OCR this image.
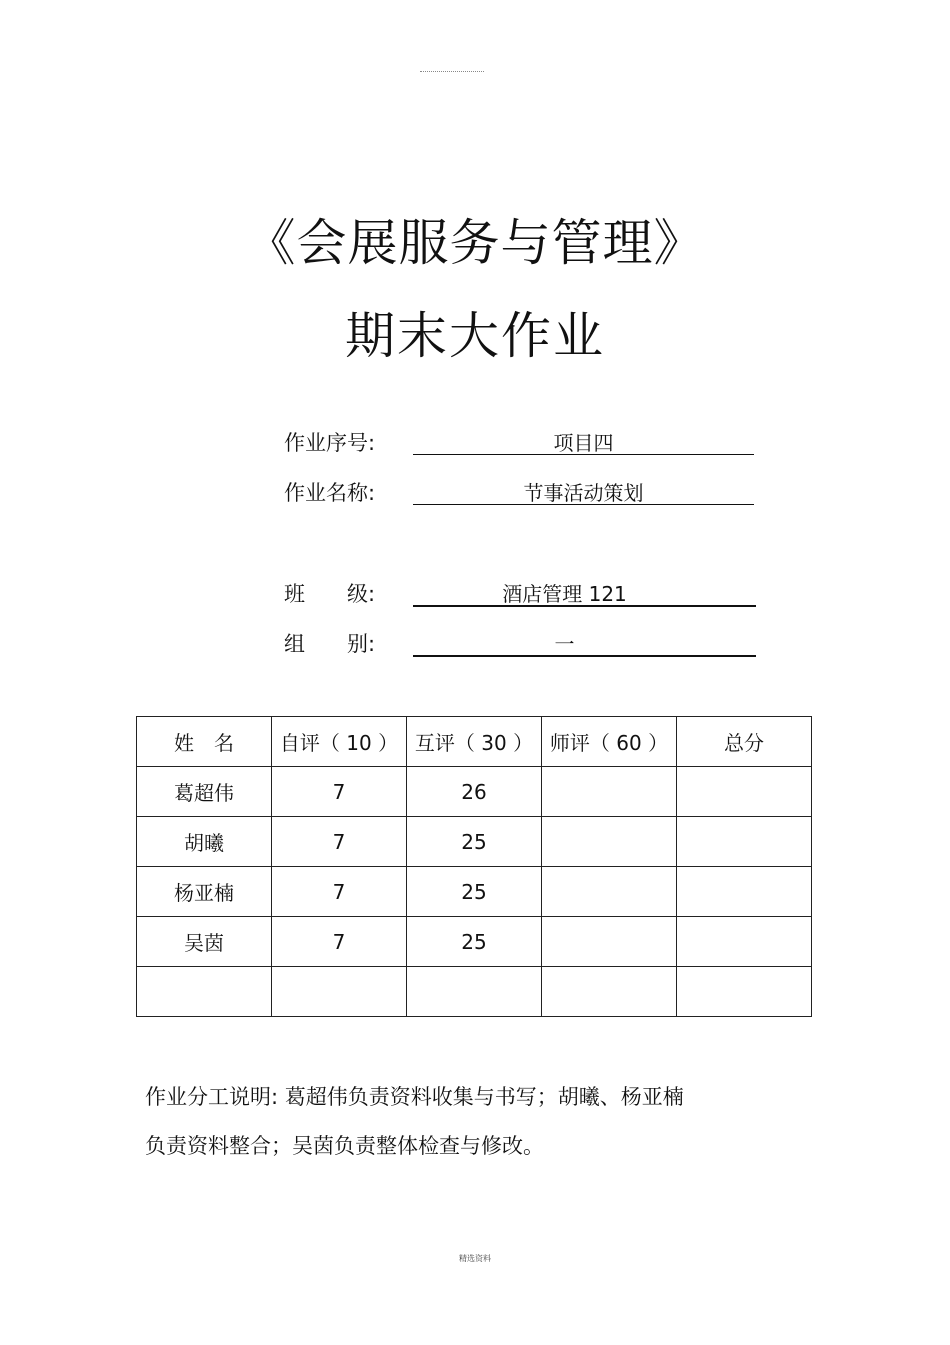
《会展服务与管理》
期末大作业
作业序号:	项目四
作业名称:	节事活动策划
班　　级:	酒店管理 121
组　　别:	一
姓　名	自评（ 10 ）	互评（ 30 ）	师评（ 60 ）	总分
葛超伟	7	26		
胡曦	7	25		
杨亚楠	7	25		
吴茵	7	25		

作业分工说明: 葛超伟负责资料收集与书写；胡曦、杨亚楠
负责资料整合；吴茵负责整体检查与修改。
精选资料
